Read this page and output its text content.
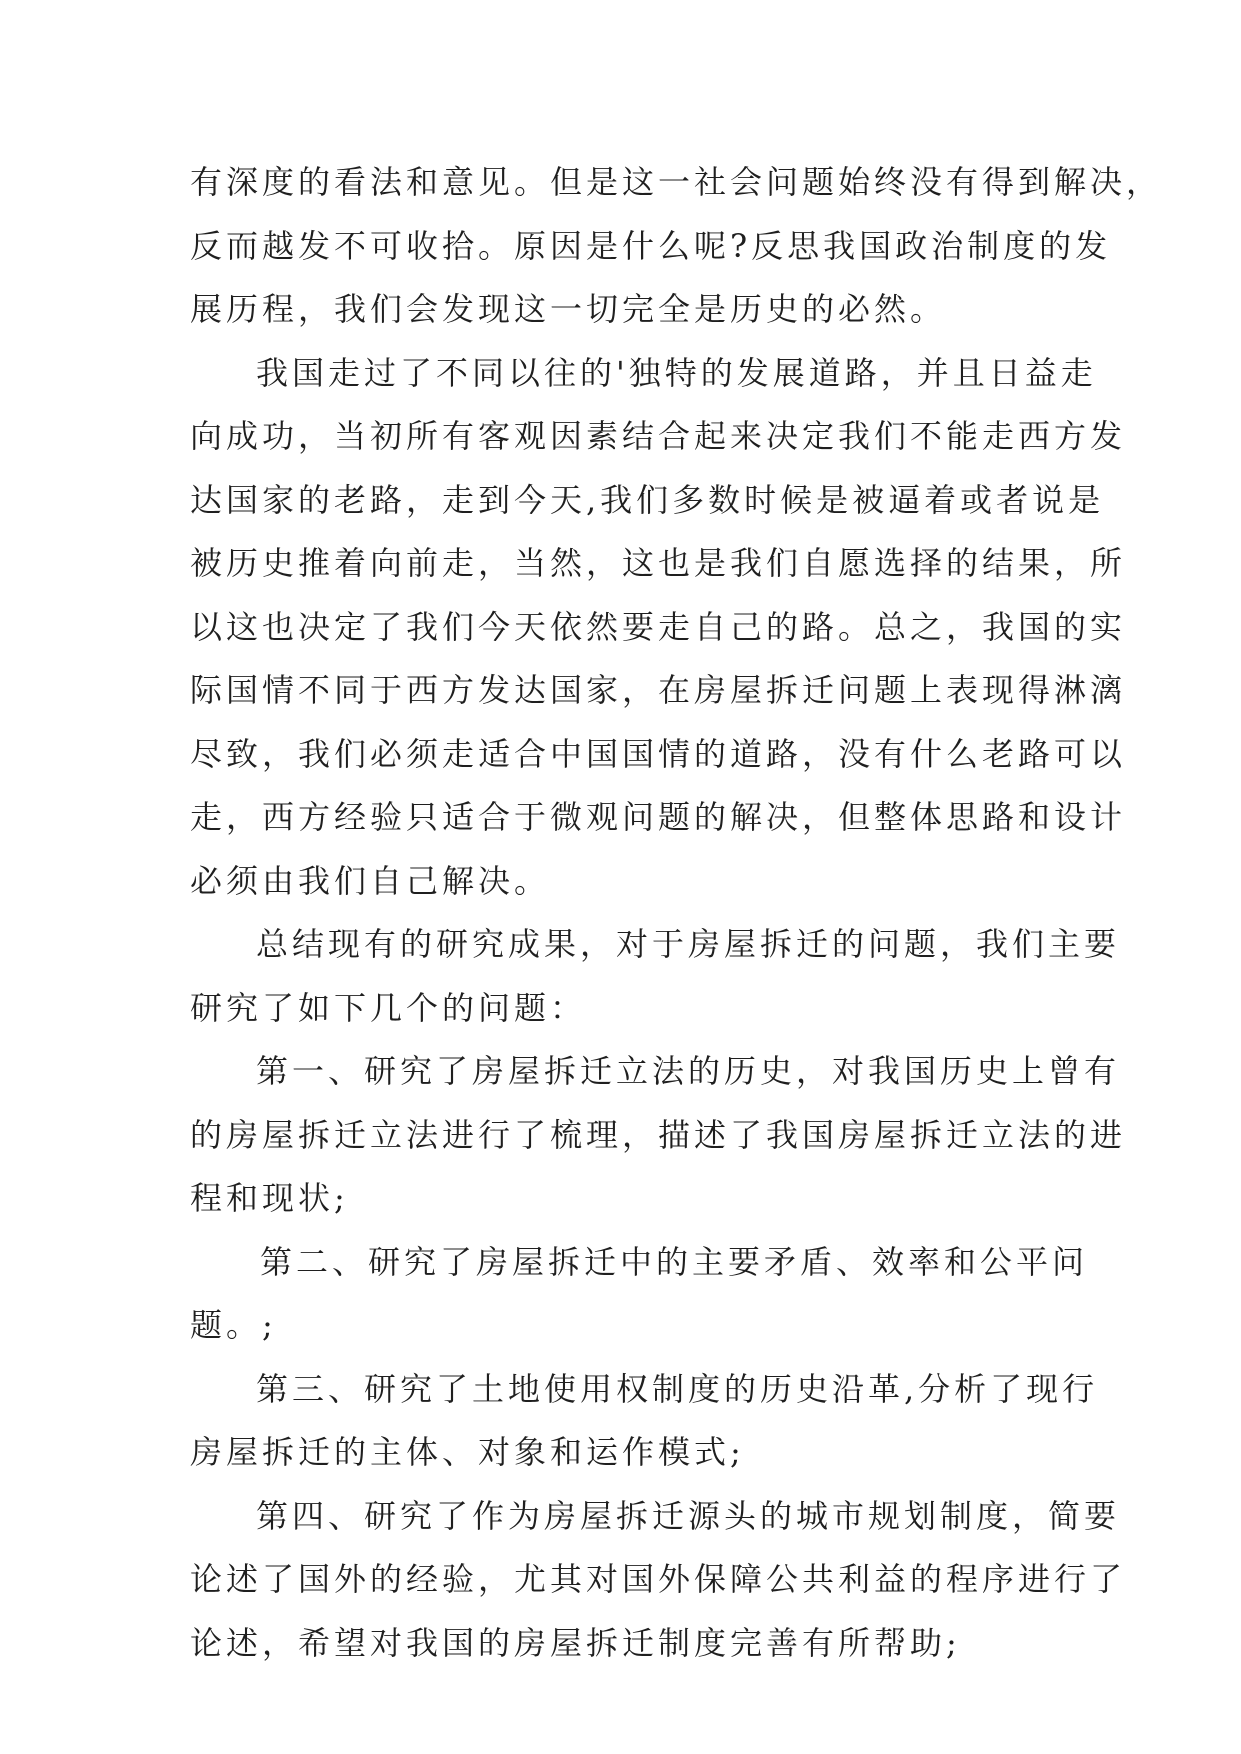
有深度的看法和意见。但是这一社会问题始终没有得到解决，
反而越发不可收拾。原因是什么呢?反思我国政治制度的发
展历程，我们会发现这一切完全是历史的必然。
我国走过了不同以往的'独特的发展道路，并且日益走
向成功，当初所有客观因素结合起来决定我们不能走西方发
达国家的老路，走到今天,我们多数时候是被逼着或者说是
被历史推着向前走，当然，这也是我们自愿选择的结果，所
以这也决定了我们今天依然要走自己的路。总之，我国的实
际国情不同于西方发达国家，在房屋拆迁问题上表现得淋漓
尽致，我们必须走适合中国国情的道路，没有什么老路可以
走，西方经验只适合于微观问题的解决，但整体思路和设计
必须由我们自己解决。
总结现有的研究成果，对于房屋拆迁的问题，我们主要
研究了如下几个的问题：
第一、研究了房屋拆迁立法的历史，对我国历史上曾有
的房屋拆迁立法进行了梳理，描述了我国房屋拆迁立法的进
程和现状;
第二、研究了房屋拆迁中的主要矛盾、效率和公平问
题。;
第三、研究了土地使用权制度的历史沿革,分析了现行
房屋拆迁的主体、对象和运作模式;
第四、研究了作为房屋拆迁源头的城市规划制度，简要
论述了国外的经验，尤其对国外保障公共利益的程序进行了
论述，希望对我国的房屋拆迁制度完善有所帮助;
